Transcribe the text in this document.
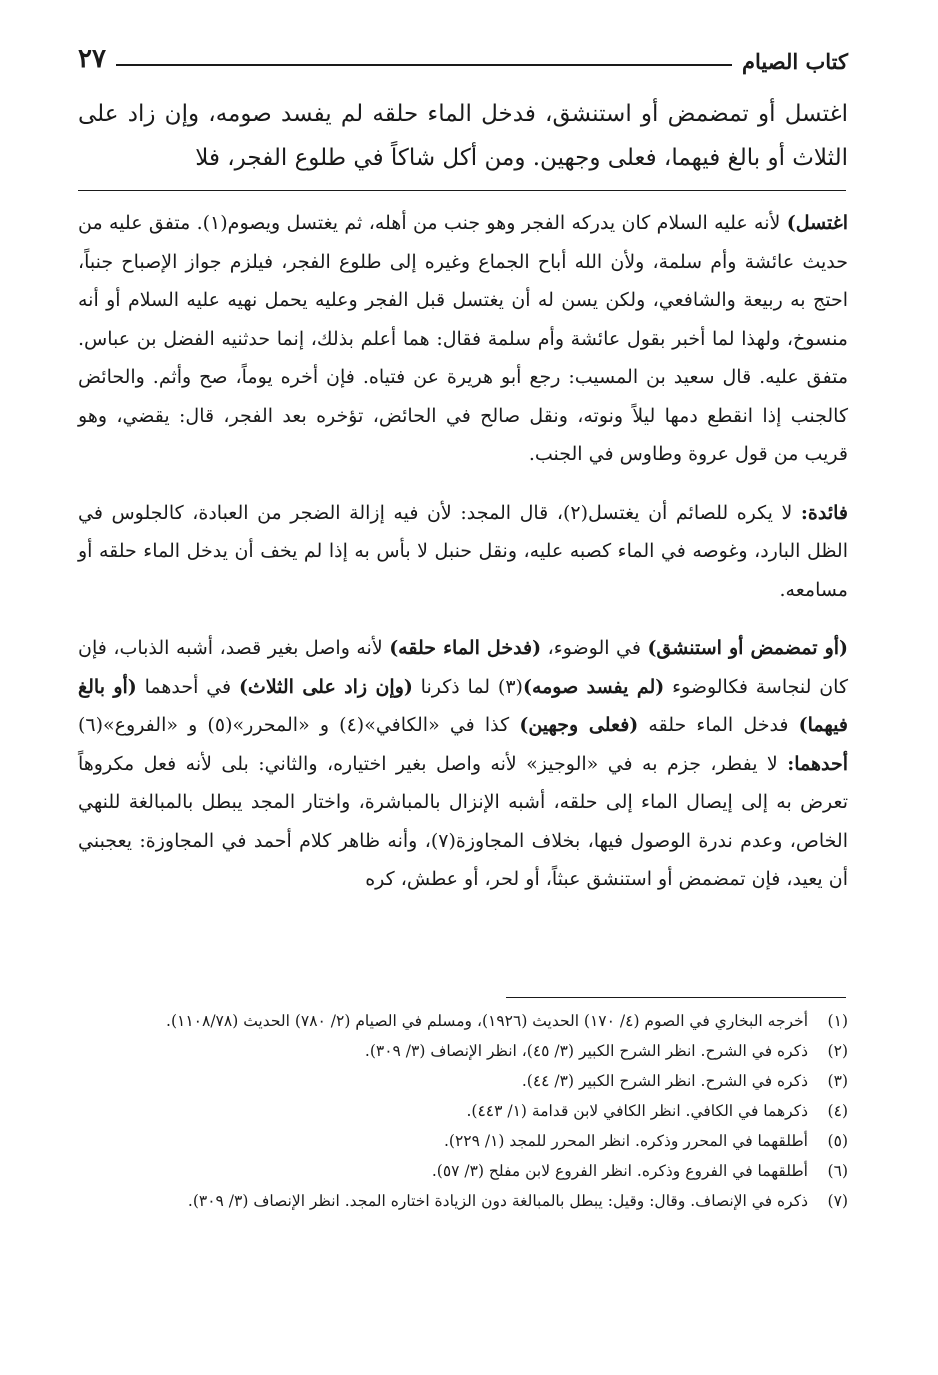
كتاب الصيام
٢٧
اغتسل أو تمضمض أو استنشق، فدخل الماء حلقه لم يفسد صومه، وإن زاد على الثلاث أو بالغ فيهما، فعلى وجهين. ومن أكل شاكاً في طلوع الفجر، فلا

اغتسل) لأنه عليه السلام كان يدركه الفجر وهو جنب من أهله، ثم يغتسل ويصوم(١). متفق عليه من حديث عائشة وأم سلمة، ولأن الله أباح الجماع وغيره إلى طلوع الفجر، فيلزم جواز الإصباح جنباً، احتج به ربيعة والشافعي، ولكن يسن له أن يغتسل قبل الفجر وعليه يحمل نهيه عليه السلام أو أنه منسوخ، ولهذا لما أخبر بقول عائشة وأم سلمة فقال: هما أعلم بذلك، إنما حدثنيه الفضل بن عباس. متفق عليه. قال سعيد بن المسيب: رجع أبو هريرة عن فتياه. فإن أخره يوماً، صح وأثم. والحائض كالجنب إذا انقطع دمها ليلاً ونوته، ونقل صالح في الحائض، تؤخره بعد الفجر، قال: يقضي، وهو قريب من قول عروة وطاوس في الجنب.

فائدة: لا يكره للصائم أن يغتسل(٢)، قال المجد: لأن فيه إزالة الضجر من العبادة، كالجلوس في الظل البارد، وغوصه في الماء كصبه عليه، ونقل حنبل لا بأس به إذا لم يخف أن يدخل الماء حلقه أو مسامعه.

(أو تمضمض أو استنشق) في الوضوء، (فدخل الماء حلقه) لأنه واصل بغير قصد، أشبه الذباب، فإن كان لنجاسة فكالوضوء (لم يفسد صومه)(٣) لما ذكرنا (وإن زاد على الثلاث) في أحدهما (أو بالغ فيهما) فدخل الماء حلقه (فعلى وجهين) كذا في «الكافي»(٤) و «المحرر»(٥) و «الفروع»(٦) أحدهما: لا يفطر، جزم به في «الوجيز» لأنه واصل بغير اختياره، والثاني: بلى لأنه فعل مكروهاً تعرض به إلى إيصال الماء إلى حلقه، أشبه الإنزال بالمباشرة، واختار المجد يبطل بالمبالغة للنهي الخاص، وعدم ندرة الوصول فيها، بخلاف المجاوزة(٧)، وأنه ظاهر كلام أحمد في المجاوزة: يعجبني أن يعيد، فإن تمضمض أو استنشق عبثاً، أو لحر، أو عطش، كره

(١)
أخرجه البخاري في الصوم (٤/ ١٧٠) الحديث (١٩٢٦)، ومسلم في الصيام (٢/ ٧٨٠) الحديث (١١٠٨/٧٨).
(٢)
ذكره في الشرح. انظر الشرح الكبير (٣/ ٤٥)، انظر الإنصاف (٣/ ٣٠٩).
(٣)
ذكره في الشرح. انظر الشرح الكبير (٣/ ٤٤).
(٤)
ذكرهما في الكافي. انظر الكافي لابن قدامة (١/ ٤٤٣).
(٥)
أطلقهما في المحرر وذكره. انظر المحرر للمجد (١/ ٢٢٩).
(٦)
أطلقهما في الفروع وذكره. انظر الفروع لابن مفلح (٣/ ٥٧).
(٧)
ذكره في الإنصاف. وقال: وقيل: يبطل بالمبالغة دون الزيادة اختاره المجد. انظر الإنصاف (٣/ ٣٠٩).
